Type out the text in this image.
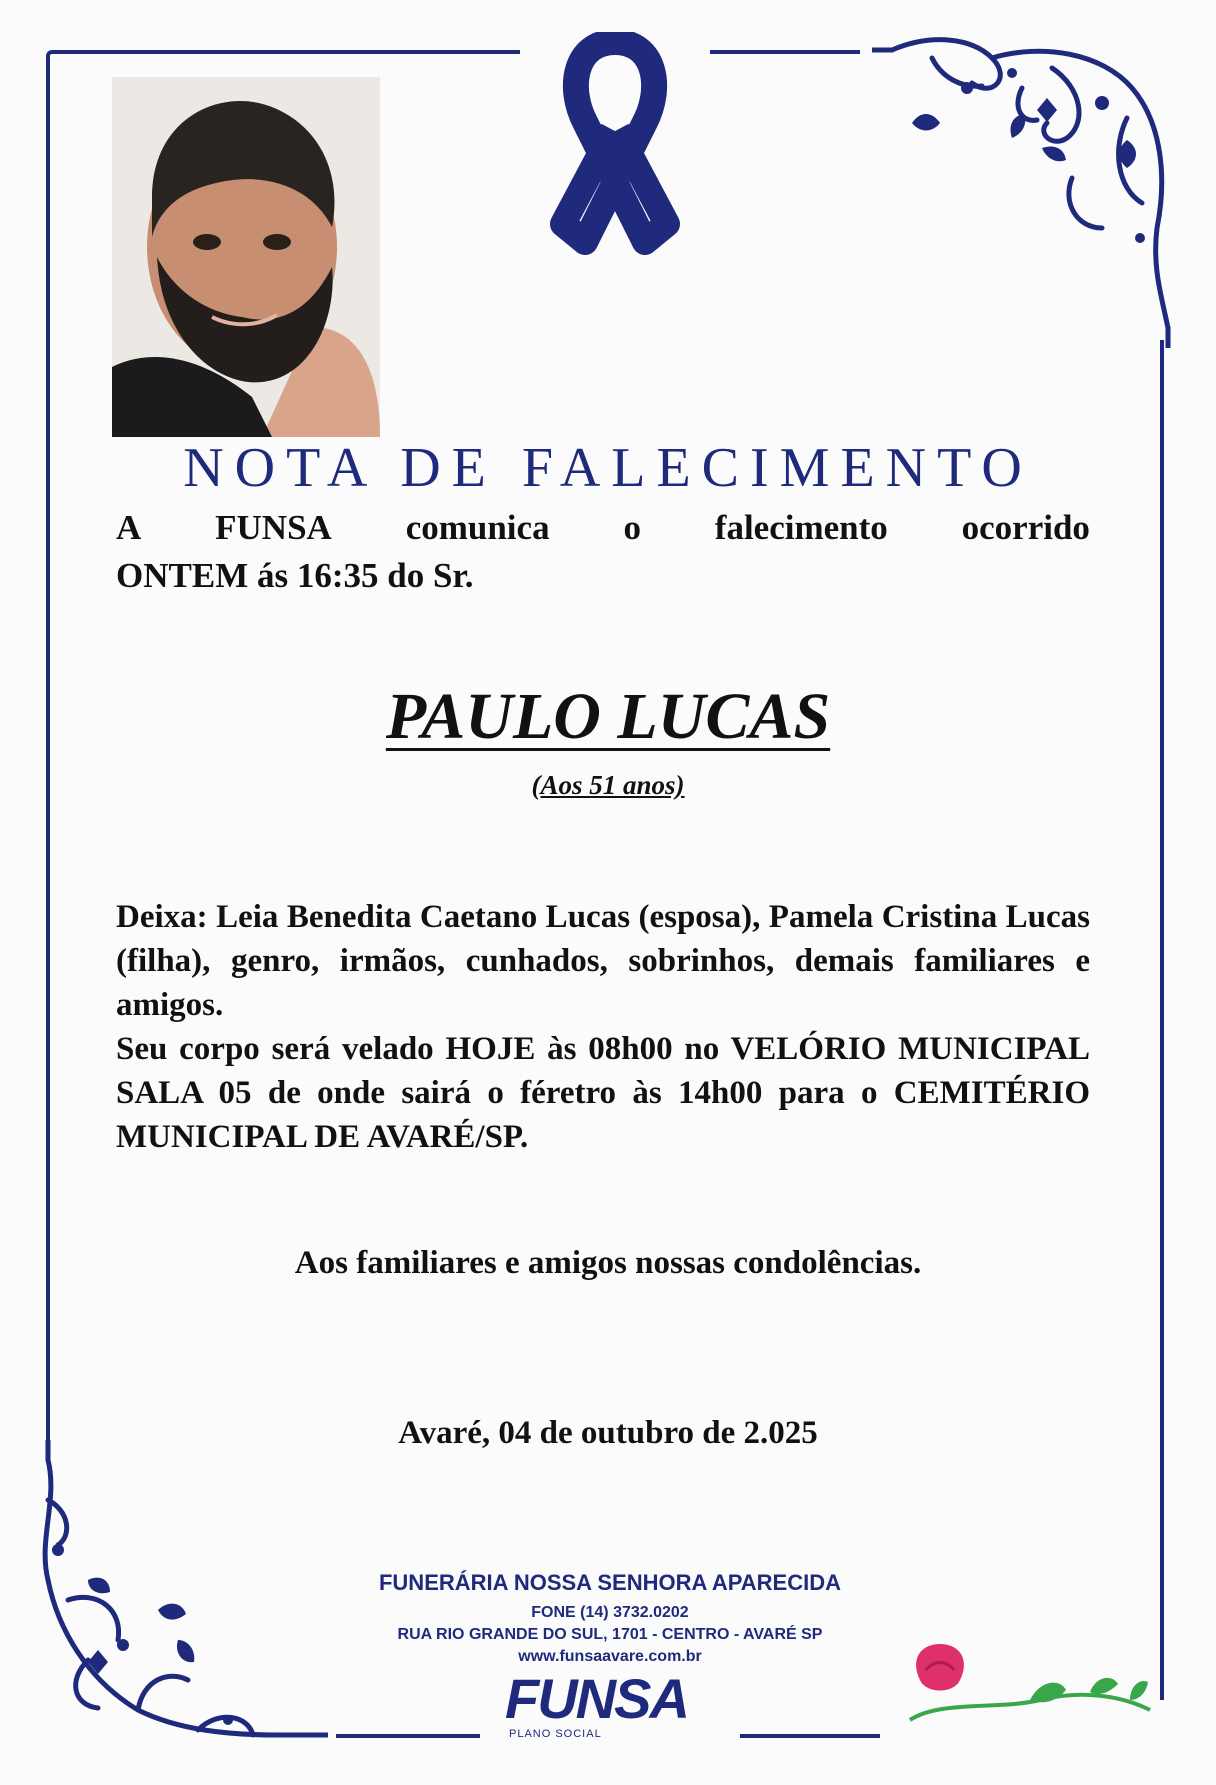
NOTA DE FALECIMENTO
A FUNSA comunica o falecimento ocorrido
ONTEM ás 16:35 do Sr.
PAULO LUCAS
(Aos 51 anos)
Deixa: Leia Benedita Caetano Lucas (esposa), Pamela Cristina Lucas (filha), genro, irmãos, cunhados, sobrinhos, demais familiares e amigos.
Seu corpo será velado HOJE às 08h00 no VELÓRIO MUNICIPAL SALA 05 de onde sairá o féretro às 14h00 para o CEMITÉRIO MUNICIPAL DE AVARÉ/SP.
Aos familiares e amigos nossas condolências.
Avaré, 04 de outubro de 2.025
FUNERÁRIA NOSSA SENHORA APARECIDA
FONE (14) 3732.0202
RUA RIO GRANDE DO SUL, 1701 - CENTRO - AVARÉ SP
www.funsaavare.com.br
FUNSA
PLANO SOCIAL
